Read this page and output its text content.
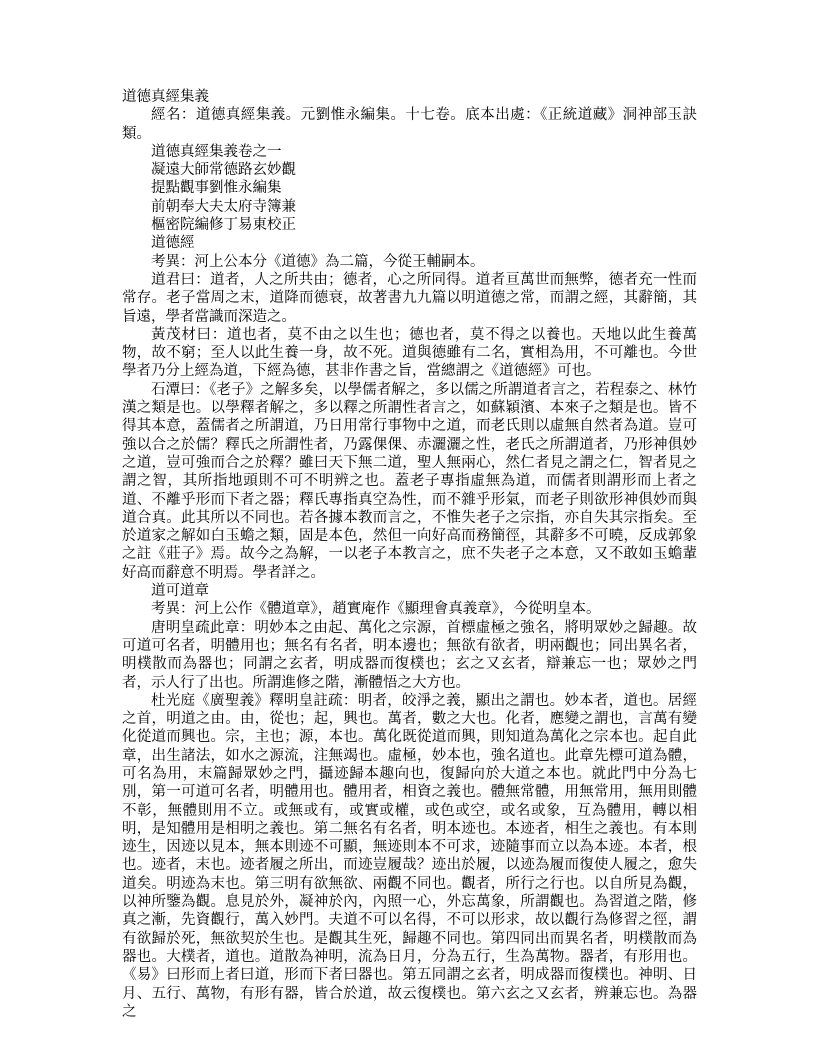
道德真經集義

經名：道德真經集義。元劉惟永編集。十七卷。底本出處：《正統道藏》洞神部玉訣類。

道德真經集義卷之一

凝遠大師常德路玄妙觀

提點觀事劉惟永編集

前朝奉大夫太府寺簿兼

樞密院編修丁易東校正

道德經

考異：河上公本分《道德》為二篇，今從王輔嗣本。

道君曰：道者，人之所共由；德者，心之所同得。道者亘萬世而無弊，德者充一性而常存。老子當周之末，道降而德衰，故著書九九篇以明道德之常，而謂之經，其辭簡，其旨遠，學者當識而深造之。

黃茂材曰：道也者，莫不由之以生也；德也者，莫不得之以養也。天地以此生養萬物，故不窮；至人以此生養一身，故不死。道與德雖有二名，實相為用，不可離也。今世學者乃分上經為道，下經為德，甚非作書之旨，當總謂之《道德經》可也。

石潭曰：《老子》之解多矣，以學儒者解之，多以儒之所謂道者言之，若程泰之、林竹漢之類是也。以學釋者解之，多以釋之所謂性者言之，如蘇穎濱、本來子之類是也。皆不得其本意，蓋儒者之所謂道，乃日用常行事物中之道，而老氏則以虛無自然者為道。豈可強以合之於儒？釋氏之所謂性者，乃露倮倮、赤灑灑之性，老氏之所謂道者，乃形神俱妙之道，豈可強而合之於釋？雖曰天下無二道，聖人無兩心，然仁者見之謂之仁，智者見之謂之智，其所指地頭則不可不明辨之也。蓋老子專指虛無為道，而儒者則謂形而上者之道、不離乎形而下者之器；釋氏專指真空為性，而不雜乎形氣，而老子則欲形神俱妙而與道合真。此其所以不同也。若各據本教而言之，不惟失老子之宗指，亦自失其宗指矣。至於道家之解如白玉蟾之類，固是本色，然但一向好高而務簡徑，其辭多不可曉，反成郭象之註《莊子》焉。故今之為解，一以老子本教言之，庶不失老子之本意，又不敢如玉蟾輩好高而辭意不明焉。學者詳之。

道可道章

考異：河上公作《體道章》，趙實庵作《顯理會真義章》，今從明皇本。

唐明皇疏此章：明妙本之由起、萬化之宗源，首標虛極之強名，將明眾妙之歸趣。故可道可名者，明體用也；無名有名者，明本邊也；無欲有欲者，明兩觀也；同出異名者，明樸散而為器也；同謂之玄者，明成器而復樸也；玄之又玄者，辯兼忘一也；眾妙之門者，示人行了出也。所謂進修之階，漸體悟之大方也。

杜光庭《廣聖義》釋明皇註疏：明者，皎淨之義，顯出之謂也。妙本者，道也。居經之首，明道之由。由，從也；起，興也。萬者，數之大也。化者，應變之謂也，言萬有變化從道而興也。宗，主也；源，本也。萬化既從道而興，則知道為萬化之宗本也。起自此章，出生諸法，如水之源流，注無竭也。虛極，妙本也，強名道也。此章先標可道為體，可名為用，末篇歸眾妙之門，攝迹歸本趣向也，復歸向於大道之本也。就此門中分為七別，第一可道可名者，明體用也。體用者，相資之義也。體無常體，用無常用，無用則體不彰，無體則用不立。或無或有，或實或權，或色或空，或名或象，互為體用，轉以相明，是知體用是相明之義也。第二無名有名者，明本迹也。本迹者，相生之義也。有本則迹生，因迹以見本，無本則迹不可顯，無迹則本不可求，迹隨事而立以為本迹。本者，根也。迹者，末也。迹者履之所出，而迹豈履哉？迹出於履，以迹為履而復使人履之，愈失道矣。明迹為末也。第三明有欲無欲、兩觀不同也。觀者，所行之行也。以自所見為觀，以神所鑒為觀。息見於外，凝神於內，內照一心，外忘萬象，所謂觀也。為習道之階，修真之漸，先資觀行，萬入妙門。夫道不可以名得，不可以形求，故以觀行為修習之徑，謂有欲歸於死，無欲契於生也。是觀其生死，歸趣不同也。第四同出而異名者，明樸散而為器也。大樸者，道也。道散為神明，流為日月，分為五行，生為萬物。器者，有形用也。《易》曰形而上者曰道，形而下者曰器也。第五同謂之玄者，明成器而復樸也。神明、日月、五行、萬物，有形有器，皆合於道，故云復樸也。第六玄之又玄者，辨兼忘也。為器之
